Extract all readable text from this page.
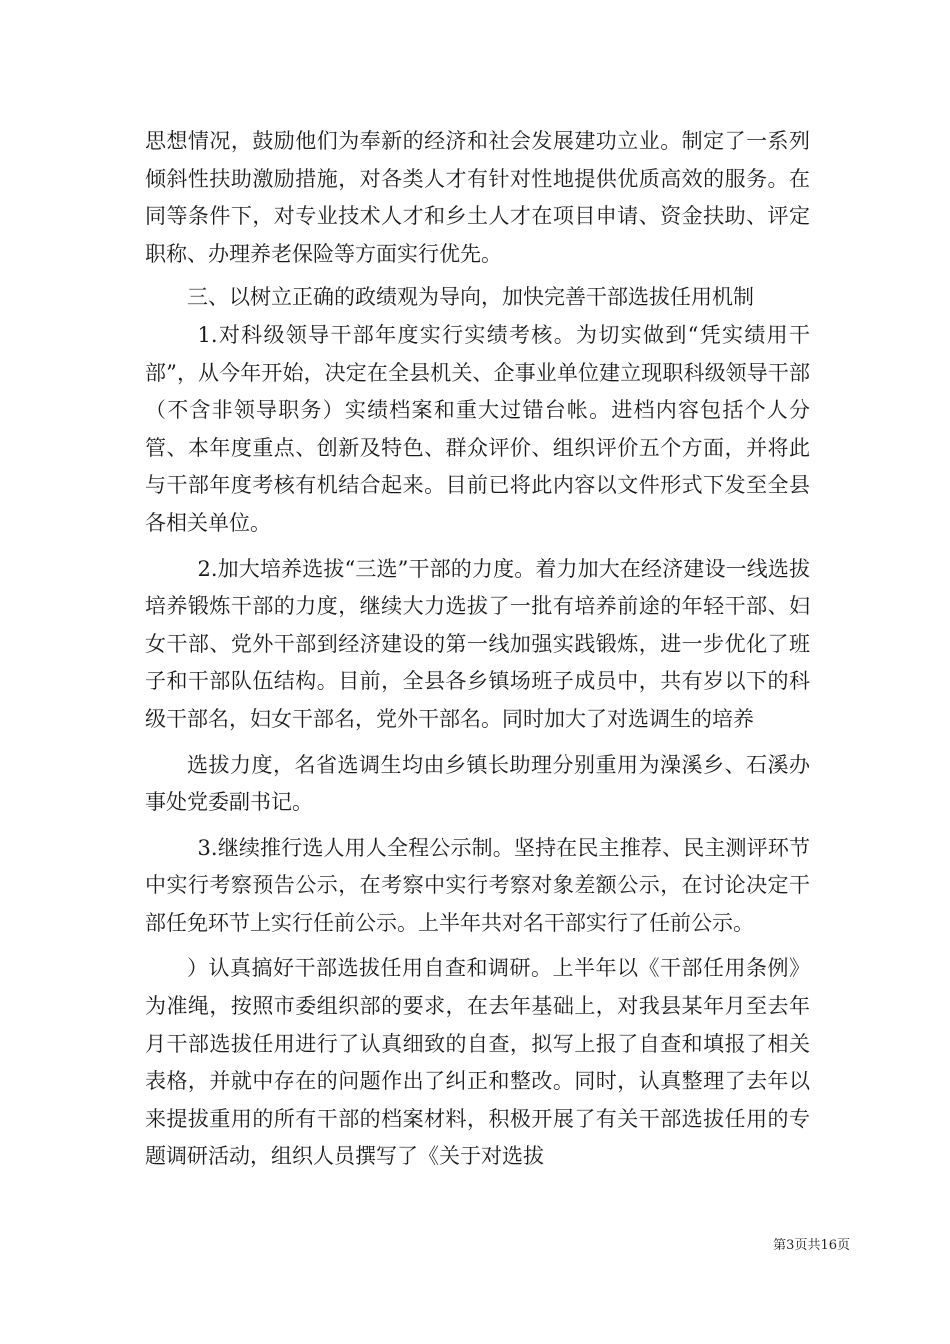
思想情况，鼓励他们为奉新的经济和社会发展建功立业。制定了一系列倾斜性扶助激励措施，对各类人才有针对性地提供优质高效的服务。在同等条件下，对专业技术人才和乡土人才在项目申请、资金扶助、评定职称、办理养老保险等方面实行优先。

三、以树立正确的政绩观为导向，加快完善干部选拔任用机制

1.对科级领导干部年度实行实绩考核。为切实做到“凭实绩用干部”，从今年开始，决定在全县机关、企事业单位建立现职科级领导干部（不含非领导职务）实绩档案和重大过错台帐。进档内容包括个人分管、本年度重点、创新及特色、群众评价、组织评价五个方面，并将此与干部年度考核有机结合起来。目前已将此内容以文件形式下发至全县各相关单位。

2.加大培养选拔“三选”干部的力度。着力加大在经济建设一线选拔培养锻炼干部的力度，继续大力选拔了一批有培养前途的年轻干部、妇女干部、党外干部到经济建设的第一线加强实践锻炼，进一步优化了班子和干部队伍结构。目前，全县各乡镇场班子成员中，共有岁以下的科级干部名，妇女干部名，党外干部名。同时加大了对选调生的培养

选拔力度，名省选调生均由乡镇长助理分别重用为澡溪乡、石溪办事处党委副书记。

3.继续推行选人用人全程公示制。坚持在民主推荐、民主测评环节中实行考察预告公示，在考察中实行考察对象差额公示，在讨论决定干部任免环节上实行任前公示。上半年共对名干部实行了任前公示。

）认真搞好干部选拔任用自查和调研。上半年以《干部任用条例》为准绳，按照市委组织部的要求，在去年基础上，对我县某年月至去年月干部选拔任用进行了认真细致的自查，拟写上报了自查和填报了相关表格，并就中存在的问题作出了纠正和整改。同时，认真整理了去年以来提拔重用的所有干部的档案材料，积极开展了有关干部选拔任用的专题调研活动，组织人员撰写了《关于对选拔

第3页共16页
